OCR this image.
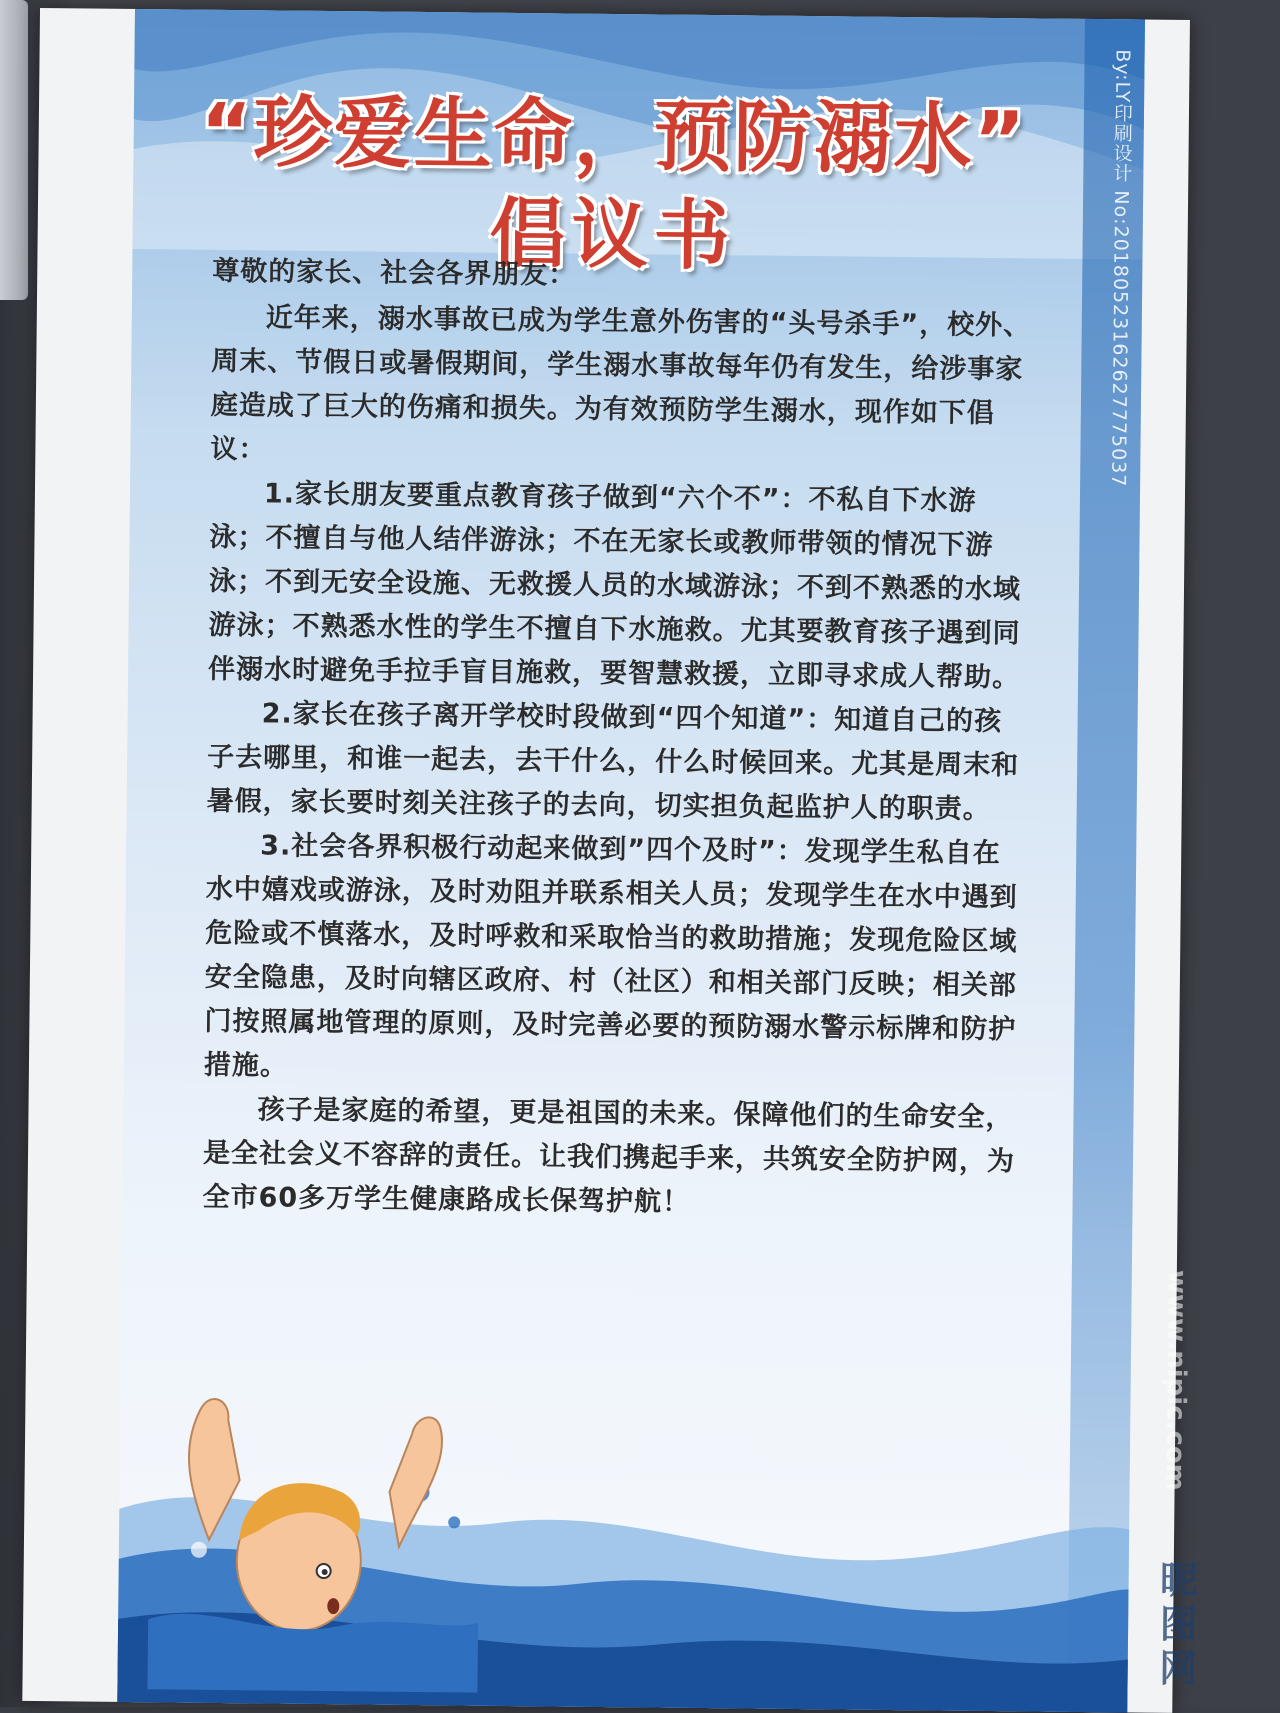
“珍爱生命，预防溺水”
倡议书
By:LY印刷设计 No:20180523162627775037

尊敬的家长、社会各界朋友：

近年来，溺水事故已成为学生意外伤害的“头号杀手”，校外、周末、节假日或暑假期间，学生溺水事故每年仍有发生，给涉事家庭造成了巨大的伤痛和损失。为有效预防学生溺水，现作如下倡议：

1.家长朋友要重点教育孩子做到“六个不”：不私自下水游泳；不擅自与他人结伴游泳；不在无家长或教师带领的情况下游泳；不到无安全设施、无救援人员的水域游泳；不到不熟悉的水域游泳；不熟悉水性的学生不擅自下水施救。尤其要教育孩子遇到同伴溺水时避免手拉手盲目施救，要智慧救援，立即寻求成人帮助。

2.家长在孩子离开学校时段做到“四个知道”：知道自己的孩子去哪里，和谁一起去，去干什么，什么时候回来。尤其是周末和暑假，家长要时刻关注孩子的去向，切实担负起监护人的职责。

3.社会各界积极行动起来做到”四个及时”：发现学生私自在水中嬉戏或游泳，及时劝阻并联系相关人员；发现学生在水中遇到危险或不慎落水，及时呼救和采取恰当的救助措施；发现危险区域安全隐患，及时向辖区政府、村（社区）和相关部门反映；相关部门按照属地管理的原则，及时完善必要的预防溺水警示标牌和防护措施。

孩子是家庭的希望，更是祖国的未来。保障他们的生命安全，是全社会义不容辞的责任。让我们携起手来，共筑安全防护网，为全市60多万学生健康路成长保驾护航！

www.nipic.com
昵图网
